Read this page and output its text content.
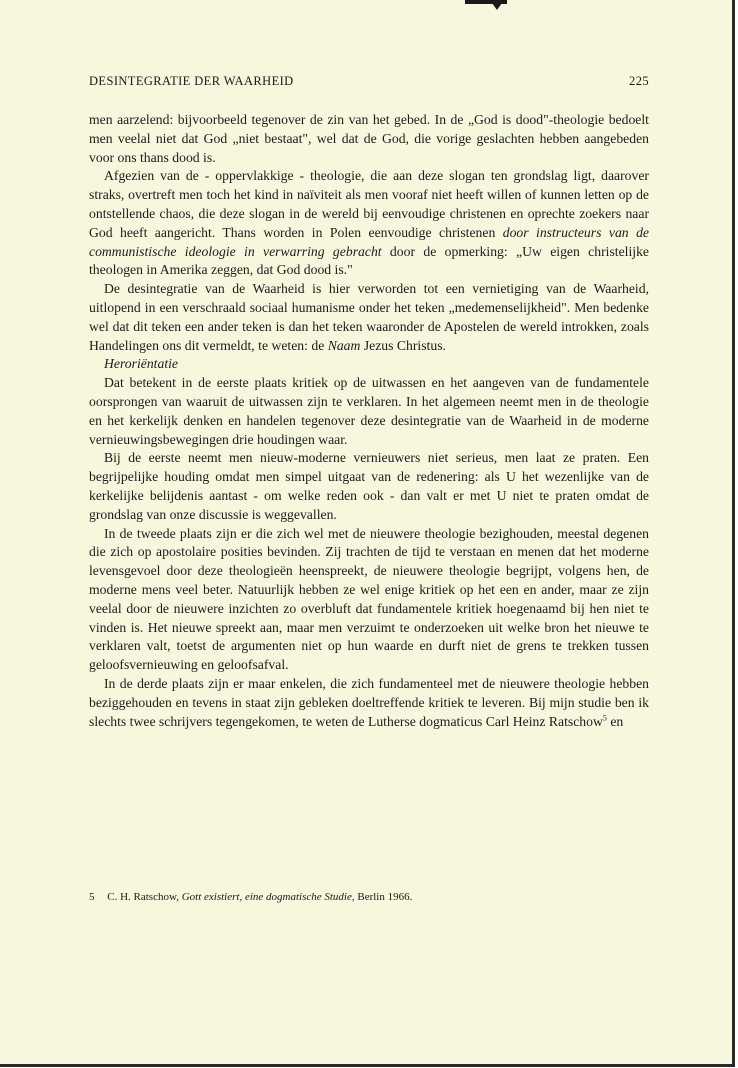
DESINTEGRATIE DER WAARHEID	225

men aarzelend: bijvoorbeeld tegenover de zin van het gebed. In de „God is dood"-theologie bedoelt men veelal niet dat God „niet bestaat", wel dat de God, die vorige geslachten hebben aangebeden voor ons thans dood is.

Afgezien van de - oppervlakkige - theologie, die aan deze slogan ten grondslag ligt, daarover straks, overtreft men toch het kind in naïviteit als men vooraf niet heeft willen of kunnen letten op de ontstellende chaos, die deze slogan in de wereld bij eenvoudige christenen en oprechte zoekers naar God heeft aangericht. Thans worden in Polen eenvoudige christenen door instructeurs van de communistische ideologie in verwarring gebracht door de opmerking: „Uw eigen christelijke theologen in Amerika zeggen, dat God dood is."

De desintegratie van de Waarheid is hier verworden tot een vernietiging van de Waarheid, uitlopend in een verschraald sociaal humanisme onder het teken „medemenselijkheid". Men bedenke wel dat dit teken een ander teken is dan het teken waaronder de Apostelen de wereld introkken, zoals Handelingen ons dit vermeldt, te weten: de Naam Jezus Christus.

Heroriëntatie

Dat betekent in de eerste plaats kritiek op de uitwassen en het aangeven van de fundamentele oorsprongen van waaruit de uitwassen zijn te verklaren. In het algemeen neemt men in de theologie en het kerkelijk denken en handelen tegenover deze desintegratie van de Waarheid in de moderne vernieuwingsbewegingen drie houdingen waar.

Bij de eerste neemt men nieuw-moderne vernieuwers niet serieus, men laat ze praten. Een begrijpelijke houding omdat men simpel uitgaat van de redenering: als U het wezenlijke van de kerkelijke belijdenis aantast - om welke reden ook - dan valt er met U niet te praten omdat de grondslag van onze discussie is weggevallen.

In de tweede plaats zijn er die zich wel met de nieuwere theologie bezighouden, meestal degenen die zich op apostolaire posities bevinden. Zij trachten de tijd te verstaan en menen dat het moderne levensgevoel door deze theologieën heenspreekt, de nieuwere theologie begrijpt, volgens hen, de moderne mens veel beter. Natuurlijk hebben ze wel enige kritiek op het een en ander, maar ze zijn veelal door de nieuwere inzichten zo overbluft dat fundamentele kritiek hoegenaamd bij hen niet te vinden is. Het nieuwe spreekt aan, maar men verzuimt te onderzoeken uit welke bron het nieuwe te verklaren valt, toetst de argumenten niet op hun waarde en durft niet de grens te trekken tussen geloofsvernieuwing en geloofsafval.

In de derde plaats zijn er maar enkelen, die zich fundamenteel met de nieuwere theologie hebben beziggehouden en tevens in staat zijn gebleken doeltreffende kritiek te leveren. Bij mijn studie ben ik slechts twee schrijvers tegengekomen, te weten de Lutherse dogmaticus Carl Heinz Ratschow$^5$ en

5 C. H. Ratschow, Gott existiert, eine dogmatische Studie, Berlin 1966.
